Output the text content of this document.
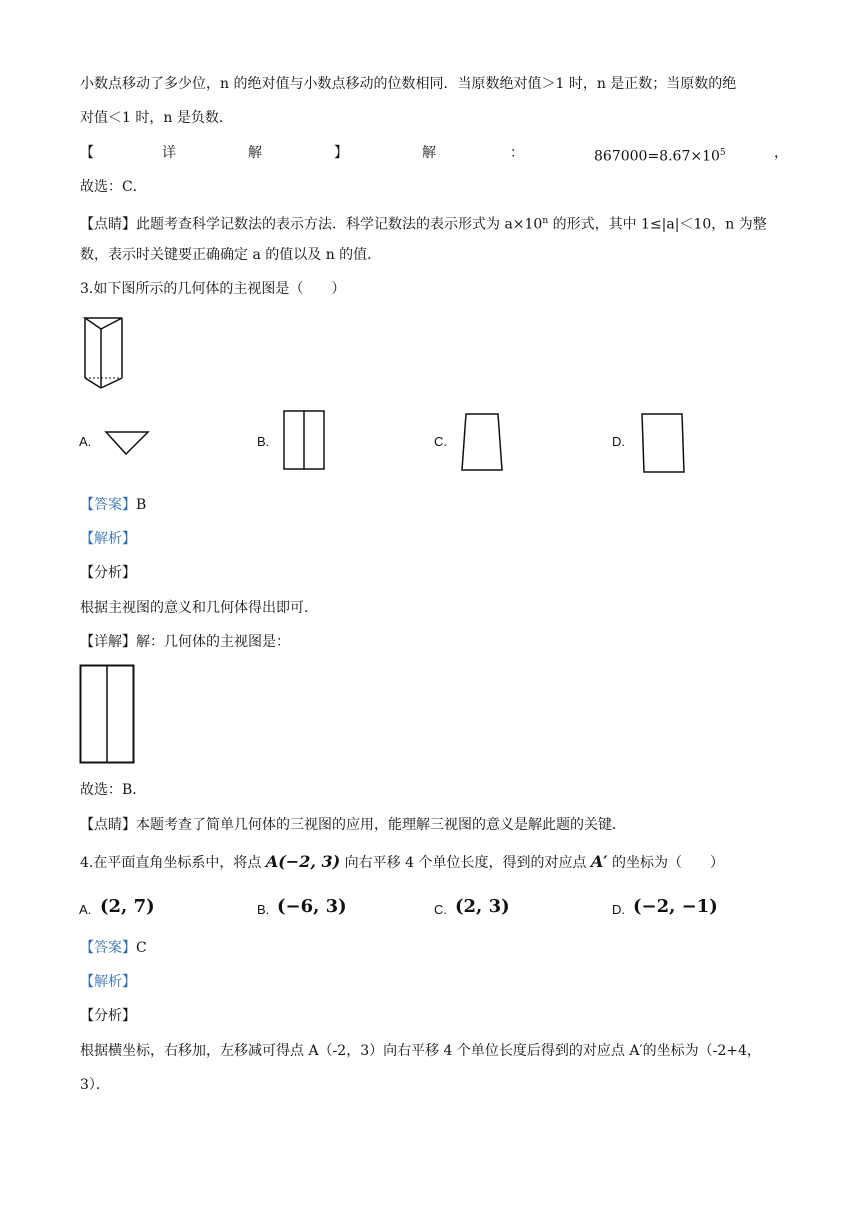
小数点移动了多少位，n 的绝对值与小数点移动的位数相同．当原数绝对值＞1 时，n 是正数；当原数的绝
对值＜1 时，n 是负数．
【	详	解	】	解	：	$867000=8.67\times 10^5$	，
故选：C．
【点睛】此题考查科学记数法的表示方法．科学记数法的表示形式为 $a\times 10^n$ 的形式，其中 1≤|a|＜10，n 为整
数，表示时关键要正确确定 a 的值以及 n 的值．
3.如下图所示的几何体的主视图是（　　）
A.	B.	C.	D.
【答案】B
【解析】
【分析】
根据主视图的意义和几何体得出即可．
【详解】解：几何体的主视图是：
故选：B．
【点睛】本题考查了简单几何体的三视图的应用，能理解三视图的意义是解此题的关键．
4.在平面直角坐标系中，将点 A(−2, 3) 向右平移 4 个单位长度，得到的对应点 A′ 的坐标为（　　）
A. (2, 7)	B. (−6, 3)	C. (2, 3)	D. (−2, −1)
【答案】C
【解析】
【分析】
根据横坐标，右移加，左移减可得点 A（-2，3）向右平移 4 个单位长度后得到的对应点 A′的坐标为（-2+4，
3）．
